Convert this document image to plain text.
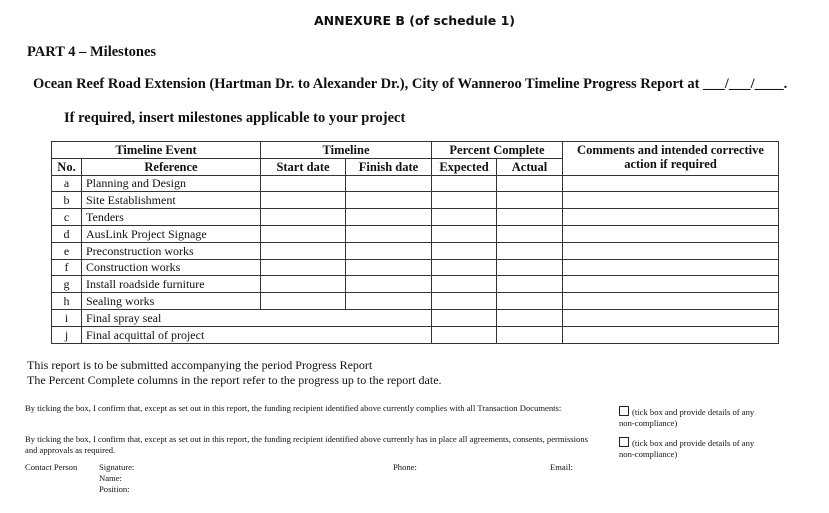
ANNEXURE B (of schedule 1)
PART 4 – Milestones
Ocean Reef Road Extension (Hartman Dr. to Alexander Dr.), City of Wanneroo Timeline Progress Report at ___/___/____.
If required, insert milestones applicable to your project
Timeline Event		Timeline		Percent Complete		Comments and intended corrective action if required
No.	Reference	Start date	Finish date	Expected	Actual	
a	Planning and Design					
b	Site Establishment					
c	Tenders					
d	AusLink Project Signage					
e	Preconstruction works					
f	Construction works					
g	Install roadside furniture					
h	Sealing works					
i	Final spray seal					
j	Final acquittal of project					
This report is to be submitted accompanying the period Progress Report
The Percent Complete columns in the report refer to the progress up to the report date.
By ticking the box, I confirm that, except as set out in this report, the funding recipient identified above currently complies with all Transaction Documents:	(tick box and provide details of any non-compliance)
By ticking the box, I confirm that, except as set out in this report, the funding recipient identified above currently has in place all agreements, consents, permissions and approvals as required.
(tick box and provide details of any non-compliance)
Contact Person	Signature:
Name:
Position:
Phone:	Email:
